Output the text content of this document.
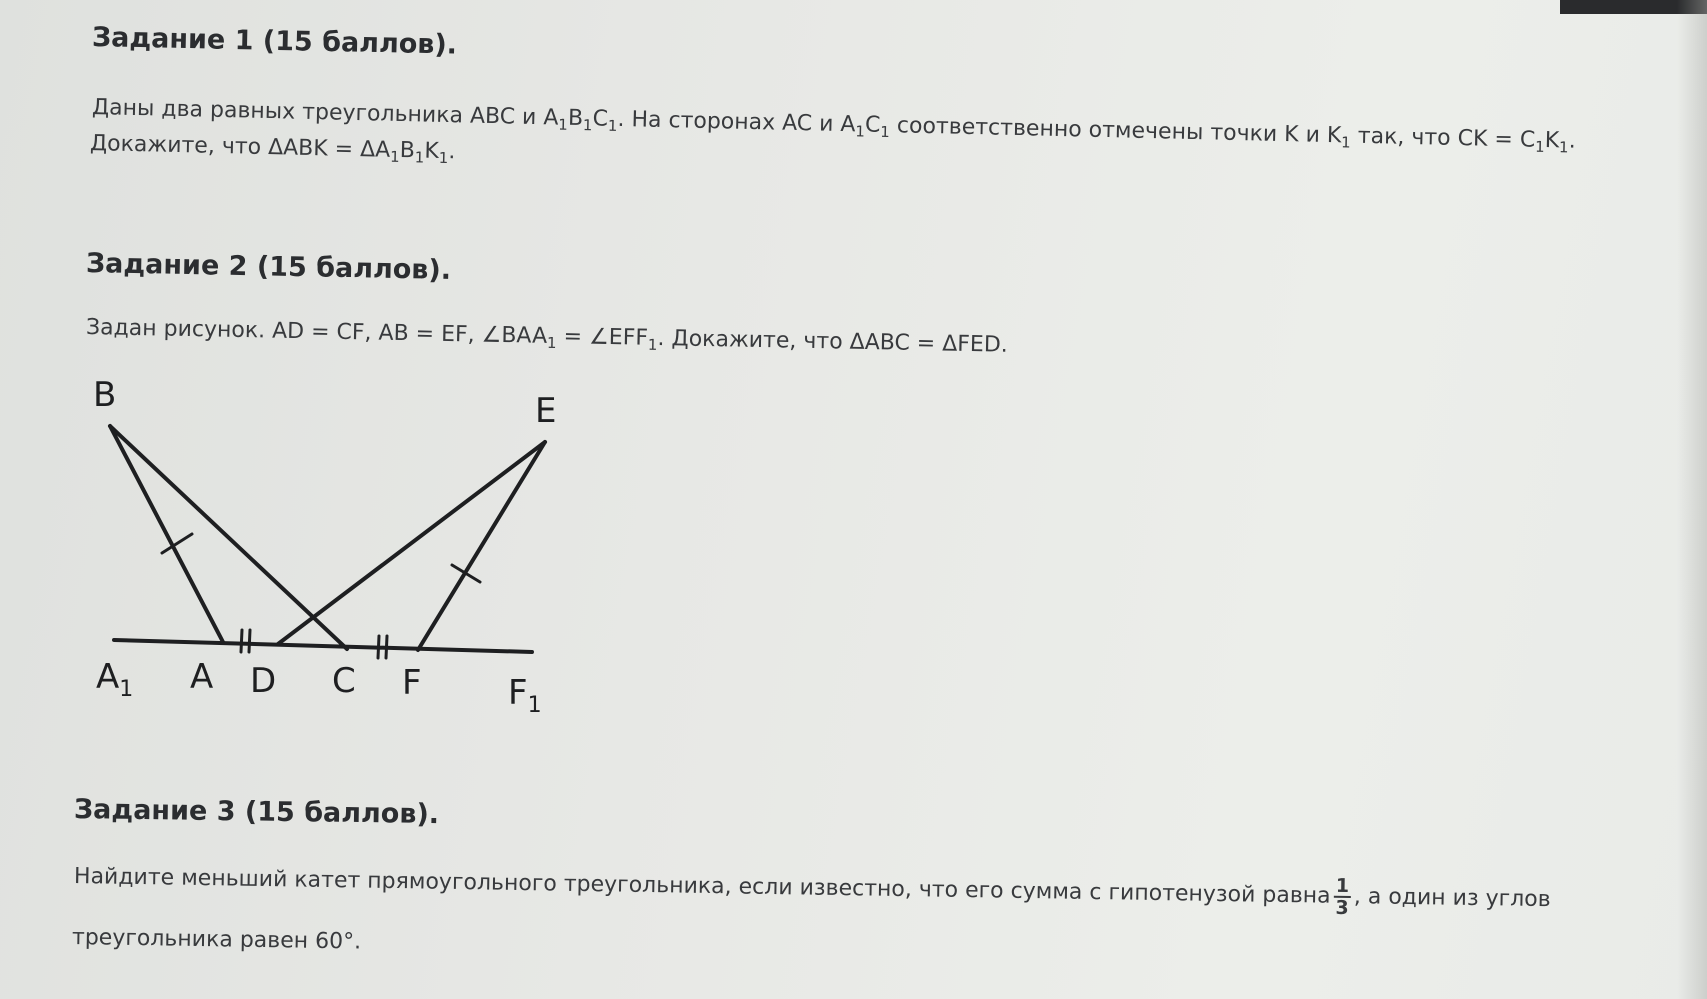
Задание 1 (15 баллов).
Даны два равных треугольника ABC и $A_1B_1C_1$. На сторонах AC и $A_1C_1$ соответственно отмечены точки K и $K_1$ так, что CK = $C_1K_1$.
Докажите, что $\Delta ABK = \Delta A_1B_1K_1$.
Задание 2 (15 баллов).
Задан рисунок. AD = CF, AB = EF, $\angle BAA_1$ = $\angle EFF_1$. Докажите, что ΔABC = ΔFED.
B	E
$A_1$ A D C F	$F_1$
Задание 3 (15 баллов).
Найдите меньший катет прямоугольного треугольника, если известно, что его сумма с гипотенузой равна $\frac{1}{3}$ , а один из углов
треугольника равен 60°.
